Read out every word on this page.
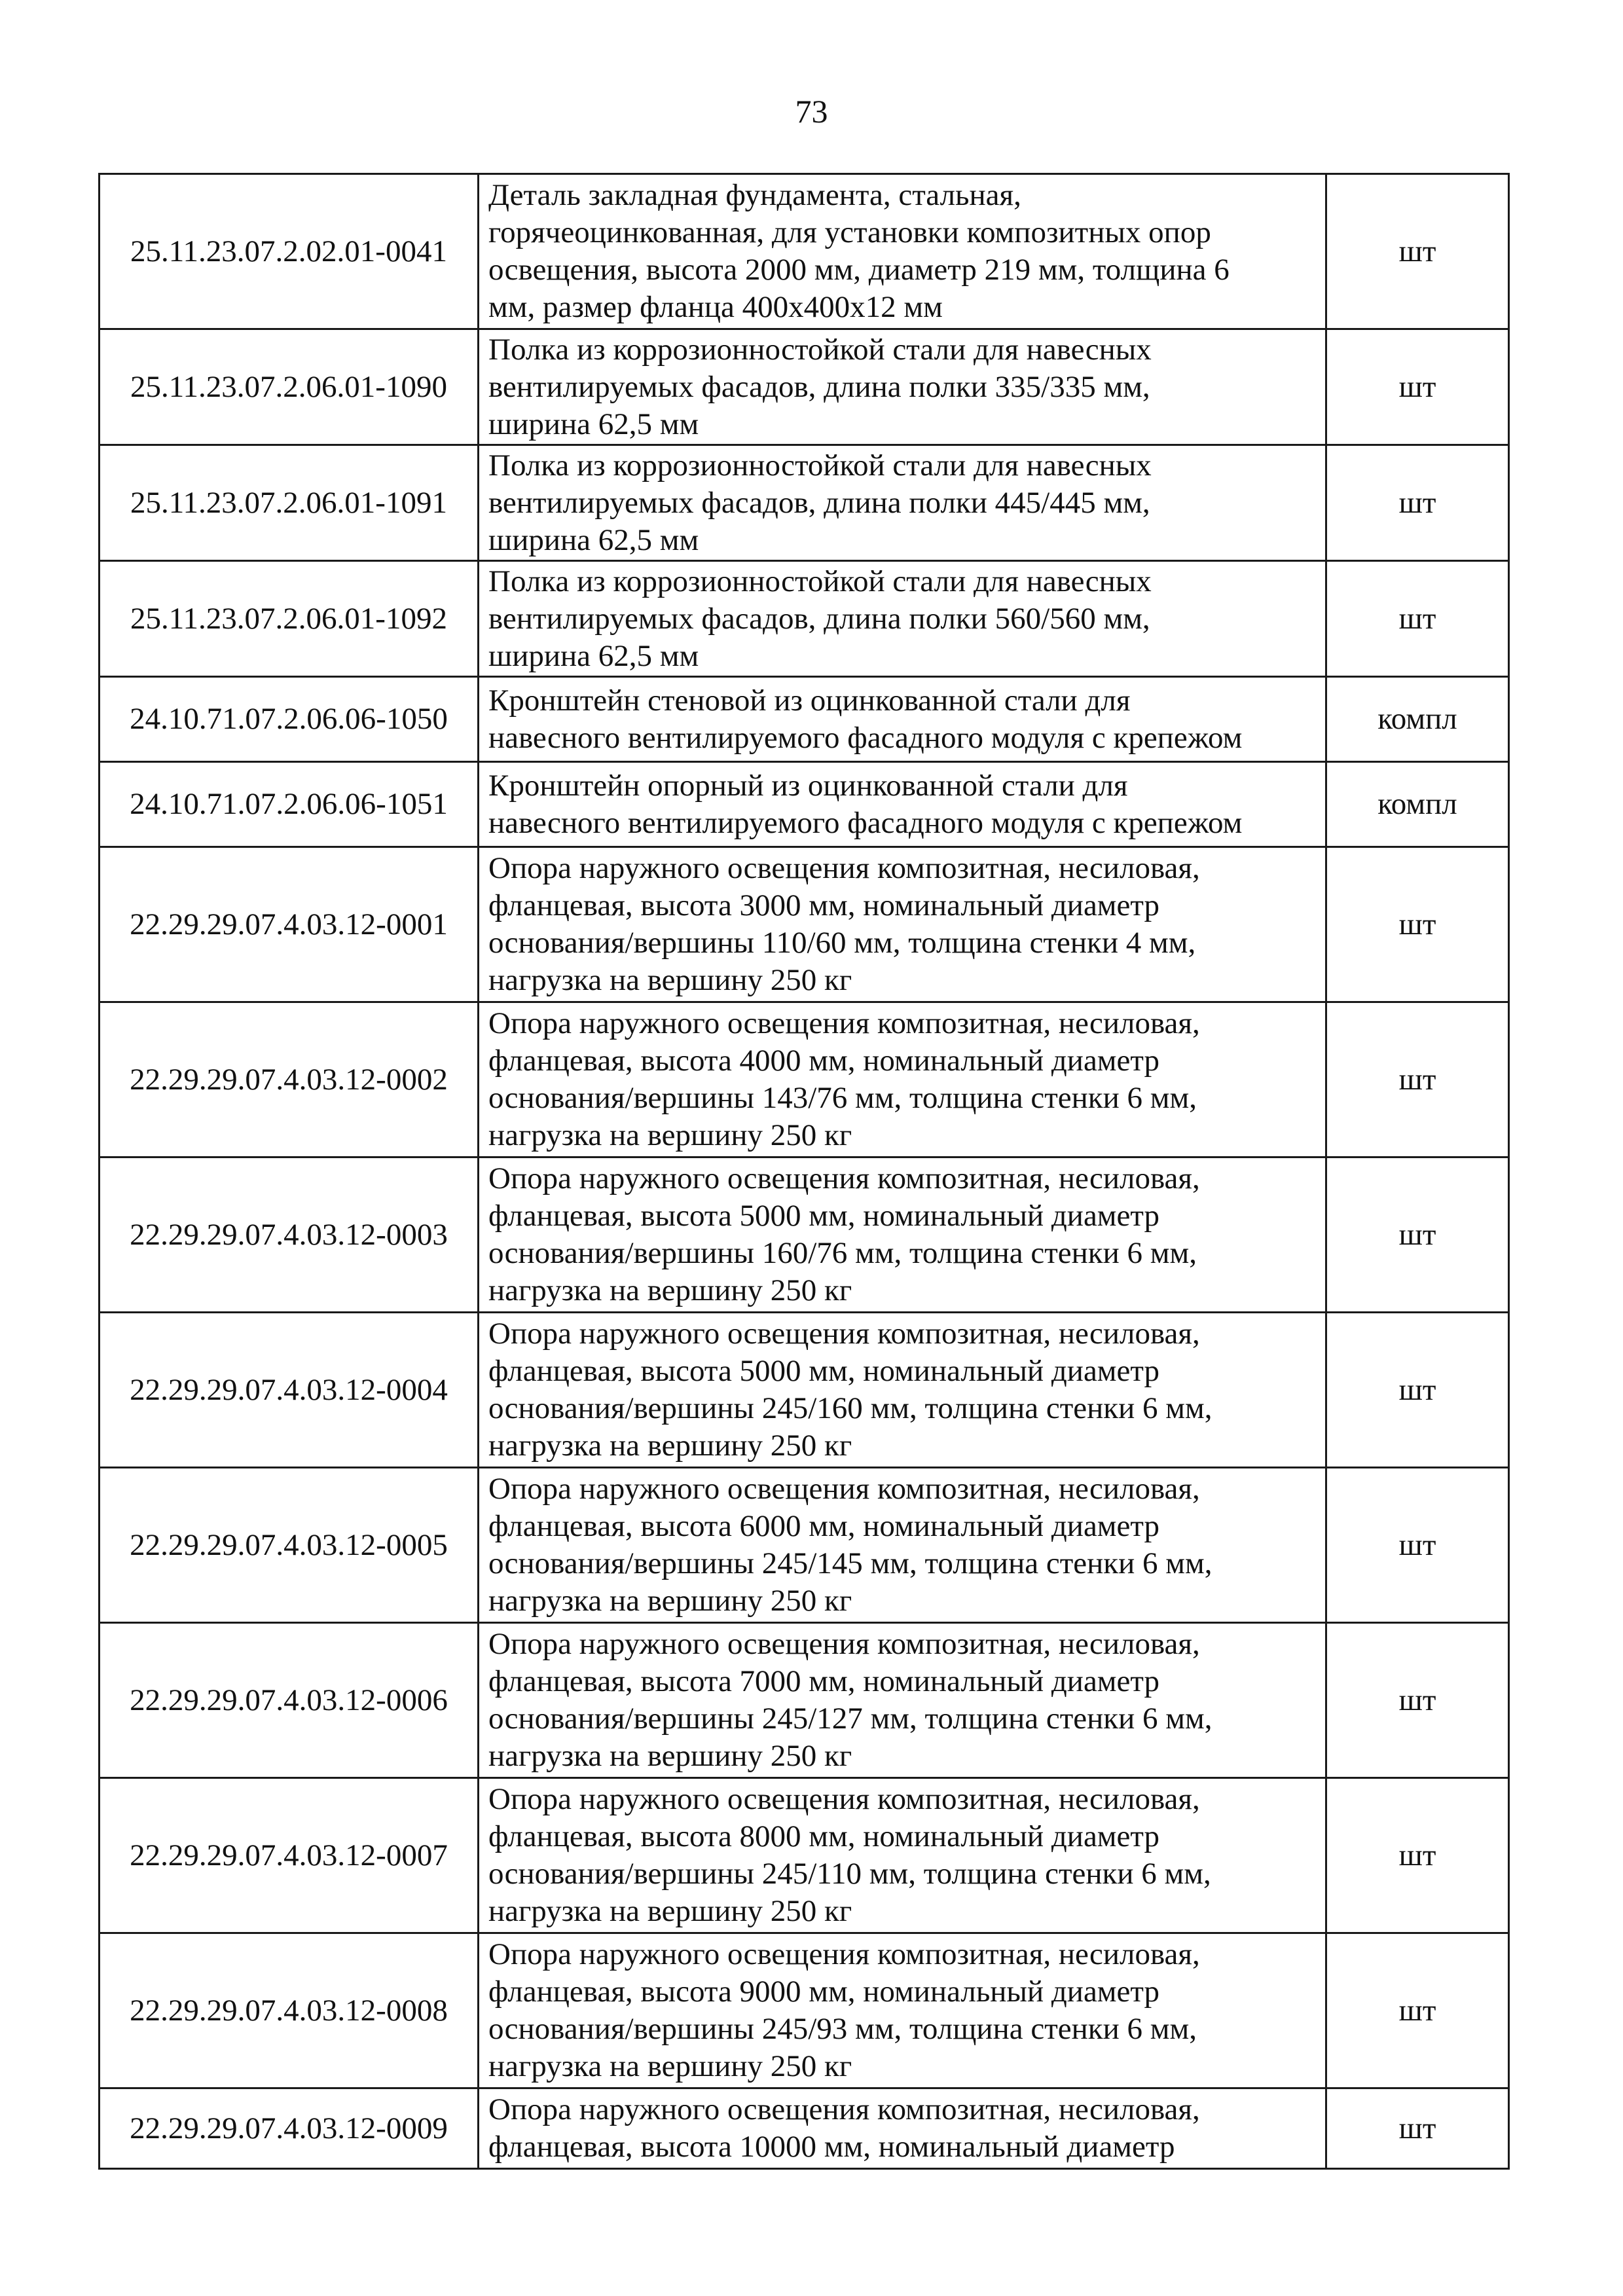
73
25.11.23.07.2.02.01-0041	Деталь закладная фундамента, стальная,
горячеоцинкованная, для установки композитных опор
освещения, высота 2000 мм, диаметр 219 мм, толщина 6
мм, размер фланца 400х400х12 мм	шт
25.11.23.07.2.06.01-1090	Полка из коррозионностойкой стали для навесных
вентилируемых фасадов, длина полки 335/335 мм,
ширина 62,5 мм	шт
25.11.23.07.2.06.01-1091	Полка из коррозионностойкой стали для навесных
вентилируемых фасадов, длина полки 445/445 мм,
ширина 62,5 мм	шт
25.11.23.07.2.06.01-1092	Полка из коррозионностойкой стали для навесных
вентилируемых фасадов, длина полки 560/560 мм,
ширина 62,5 мм	шт
24.10.71.07.2.06.06-1050	Кронштейн стеновой из оцинкованной стали для
навесного вентилируемого фасадного модуля с крепежом	компл
24.10.71.07.2.06.06-1051	Кронштейн опорный из оцинкованной стали для
навесного вентилируемого фасадного модуля с крепежом	компл
22.29.29.07.4.03.12-0001	Опора наружного освещения композитная, несиловая,
фланцевая, высота 3000 мм, номинальный диаметр
основания/вершины 110/60 мм, толщина стенки 4 мм,
нагрузка на вершину 250 кг	шт
22.29.29.07.4.03.12-0002	Опора наружного освещения композитная, несиловая,
фланцевая, высота 4000 мм, номинальный диаметр
основания/вершины 143/76 мм, толщина стенки 6 мм,
нагрузка на вершину 250 кг	шт
22.29.29.07.4.03.12-0003	Опора наружного освещения композитная, несиловая,
фланцевая, высота 5000 мм, номинальный диаметр
основания/вершины 160/76 мм, толщина стенки 6 мм,
нагрузка на вершину 250 кг	шт
22.29.29.07.4.03.12-0004	Опора наружного освещения композитная, несиловая,
фланцевая, высота 5000 мм, номинальный диаметр
основания/вершины 245/160 мм, толщина стенки 6 мм,
нагрузка на вершину 250 кг	шт
22.29.29.07.4.03.12-0005	Опора наружного освещения композитная, несиловая,
фланцевая, высота 6000 мм, номинальный диаметр
основания/вершины 245/145 мм, толщина стенки 6 мм,
нагрузка на вершину 250 кг	шт
22.29.29.07.4.03.12-0006	Опора наружного освещения композитная, несиловая,
фланцевая, высота 7000 мм, номинальный диаметр
основания/вершины 245/127 мм, толщина стенки 6 мм,
нагрузка на вершину 250 кг	шт
22.29.29.07.4.03.12-0007	Опора наружного освещения композитная, несиловая,
фланцевая, высота 8000 мм, номинальный диаметр
основания/вершины 245/110 мм, толщина стенки 6 мм,
нагрузка на вершину 250 кг	шт
22.29.29.07.4.03.12-0008	Опора наружного освещения композитная, несиловая,
фланцевая, высота 9000 мм, номинальный диаметр
основания/вершины 245/93 мм, толщина стенки 6 мм,
нагрузка на вершину 250 кг	шт
22.29.29.07.4.03.12-0009	Опора наружного освещения композитная, несиловая,
фланцевая, высота 10000 мм, номинальный диаметр	шт
